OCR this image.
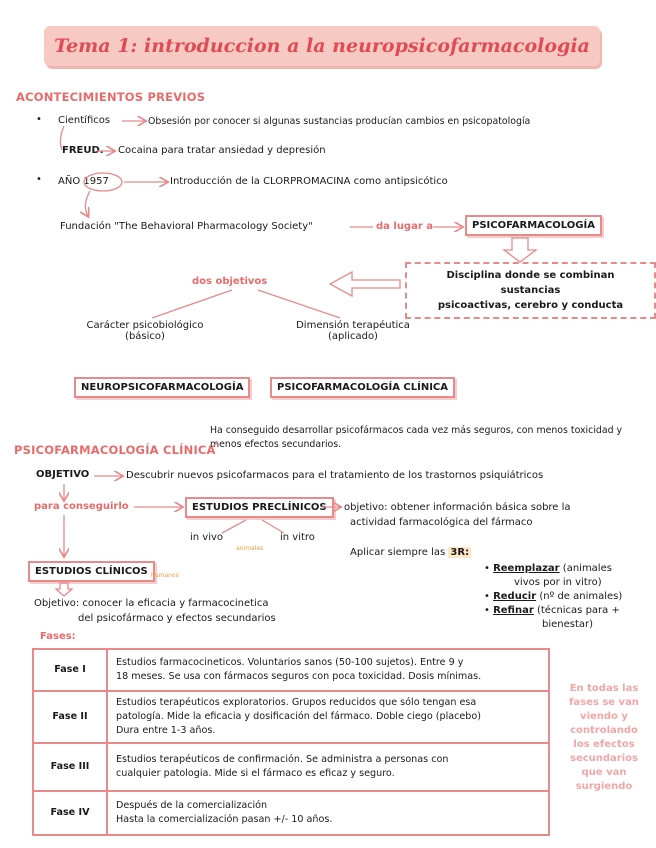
Tema 1: introduccion a la neuropsicofarmacologia
ACONTECIMIENTOS PREVIOS
• Científicos	Obsesión por conocer si algunas sustancias producían cambios en psicopatología
FREUD. Cocaina para tratar ansiedad y depresión
• AÑO 1957	Introducción de la CLORPROMACINA como antipsicótico
Fundación "The Behavioral Pharmacology Society"	da lugar a	PSICOFARMACOLOGÍA
Disciplina donde se combinan sustancias
psicoactivas, cerebro y conducta
dos objetivos
Carácter psicobiológico
(básico)
Dimensión terapéutica
(aplicado)
NEUROPSICOFARMACOLOGÍA	PSICOFARMACOLOGÍA CLÍNICA
PSICOFARMACOLOGÍA CLÍNICA
Ha conseguido desarrollar psicofármacos cada vez más seguros, con menos toxicidad y
menos efectos secundarios.
OBJETIVO	Descubrir nuevos psicofarmacos para el tratamiento de los trastornos psiquiátricos
para conseguirlo	ESTUDIOS PRECLÍNICOS	objetivo: obtener información básica sobre la
actividad farmacológica del fármaco
in vivo
animales
in vitro
Aplicar siempre las 3R:
• Reemplazar (animales
vivos por in vitro)
• Reducir (nº de animales)
• Refinar (técnicas para +
bienestar)
ESTUDIOS CLÍNICOS humanos
Objetivo: conocer la eficacia y farmacocinetica
del psicofármaco y efectos secundarios
Fases:
Fase I	Estudios farmacocineticos. Voluntarios sanos (50-100 sujetos). Entre 9 y
18 meses. Se usa con fármacos seguros con poca toxicidad. Dosis mínimas.

Fase II	Estudios terapéuticos exploratorios. Grupos reducidos que sólo tengan esa
patología. Mide la eficacia y dosificación del fármaco. Doble ciego (placebo)
Dura entre 1-3 años.

Fase III	Estudios terapéuticos de confirmación. Se administra a personas con
cualquier patologia. Mide si el fármaco es eficaz y seguro.

Fase IV	Después de la comercialización
Hasta la comercialización pasan +/- 10 años.
En todas las fases se van viendo y controlando los efectos secundarios que van surgiendo
